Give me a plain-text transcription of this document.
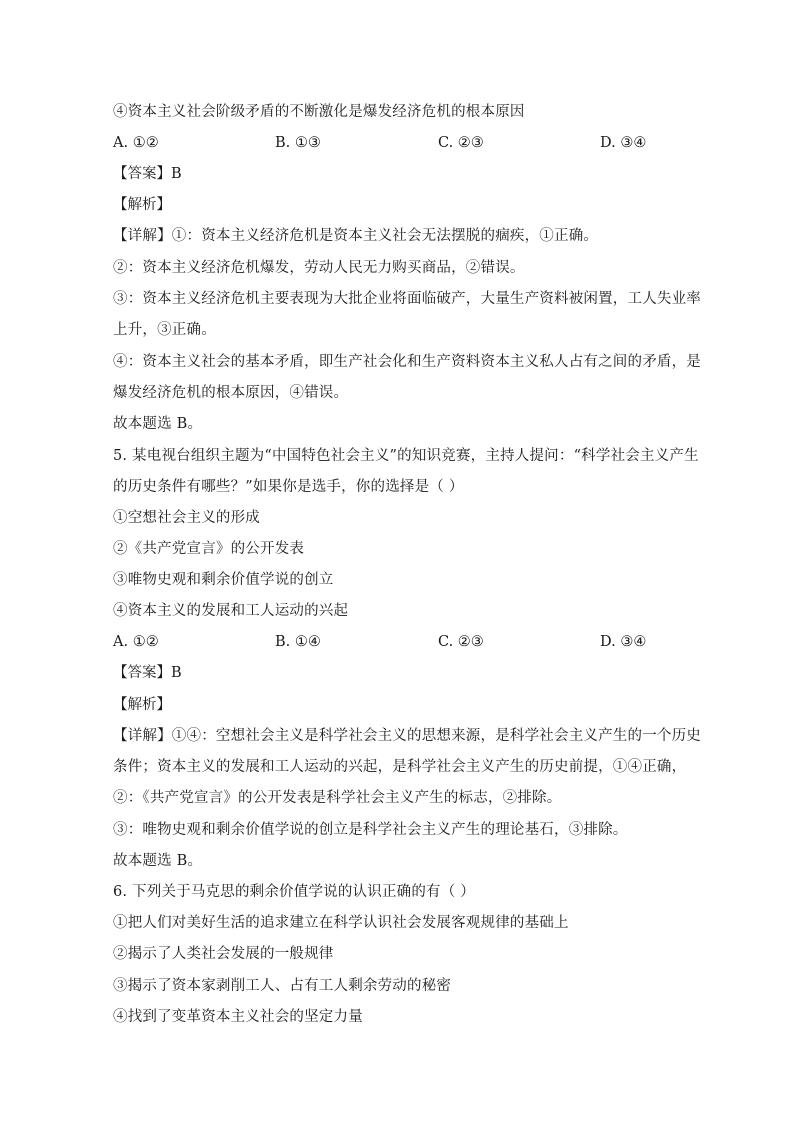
④资本主义社会阶级矛盾的不断激化是爆发经济危机的根本原因
A. ①②	B. ①③	C. ②③	D. ③④
【答案】B
【解析】
【详解】①：资本主义经济危机是资本主义社会无法摆脱的痼疾，①正确。
②：资本主义经济危机爆发，劳动人民无力购买商品，②错误。
③：资本主义经济危机主要表现为大批企业将面临破产，大量生产资料被闲置，工人失业率
上升，③正确。
④：资本主义社会的基本矛盾，即生产社会化和生产资料资本主义私人占有之间的矛盾，是
爆发经济危机的根本原因，④错误。
故本题选 B。
5. 某电视台组织主题为“中国特色社会主义”的知识竞赛，主持人提问：“科学社会主义产生
的历史条件有哪些？”如果你是选手，你的选择是（ ）
①空想社会主义的形成
②《共产党宣言》的公开发表
③唯物史观和剩余价值学说的创立
④资本主义的发展和工人运动的兴起
A. ①②	B. ①④	C. ②③	D. ③④
【答案】B
【解析】
【详解】①④：空想社会主义是科学社会主义的思想来源，是科学社会主义产生的一个历史
条件；资本主义的发展和工人运动的兴起，是科学社会主义产生的历史前提，①④正确，
②：《共产党宣言》的公开发表是科学社会主义产生的标志，②排除。
③：唯物史观和剩余价值学说的创立是科学社会主义产生的理论基石，③排除。
故本题选 B。
6. 下列关于马克思的剩余价值学说的认识正确的有（ ）
①把人们对美好生活的追求建立在科学认识社会发展客观规律的基础上
②揭示了人类社会发展的一般规律
③揭示了资本家剥削工人、占有工人剩余劳动的秘密
④找到了变革资本主义社会的坚定力量
